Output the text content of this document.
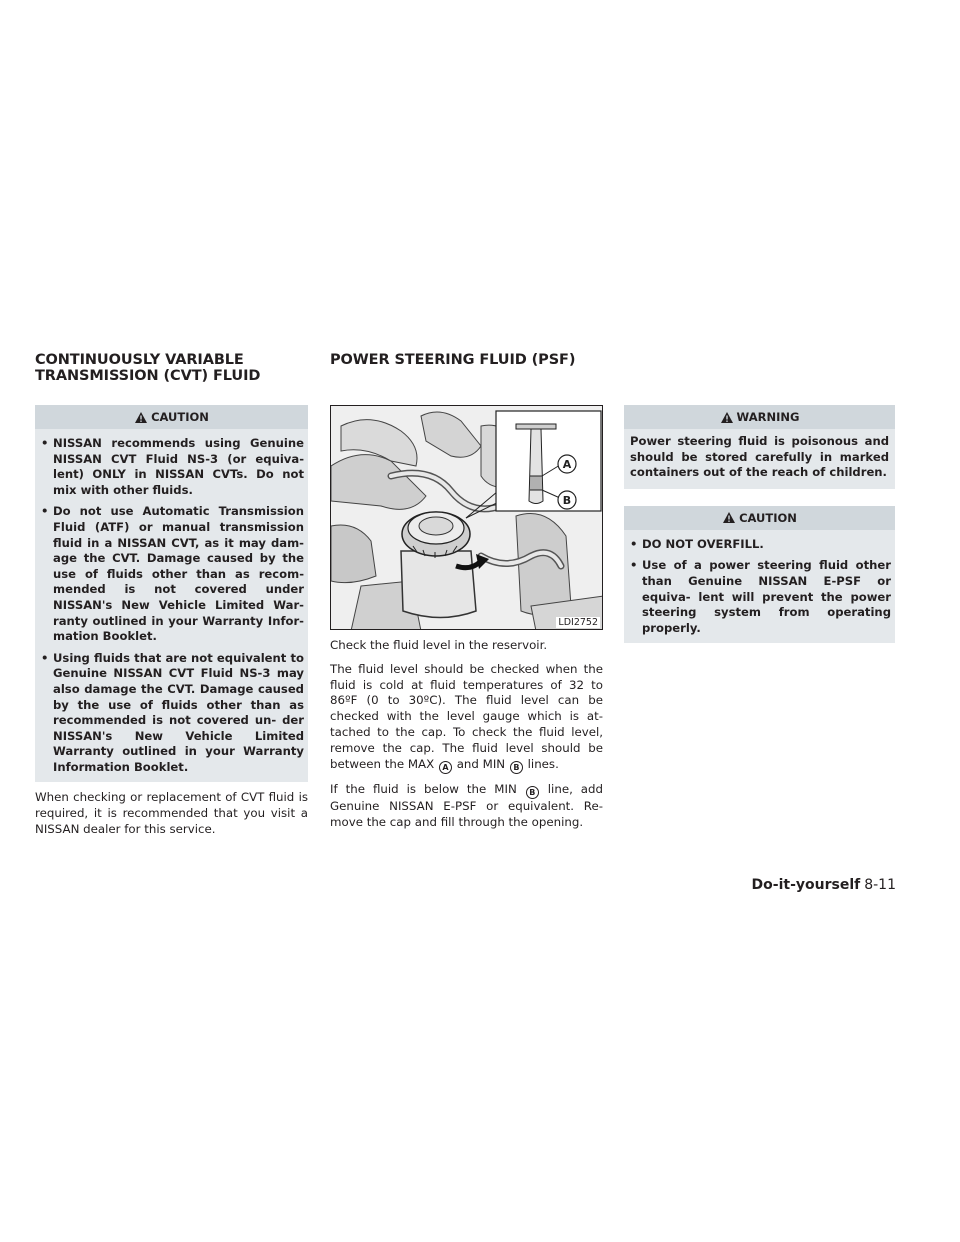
CONTINUOUSLY VARIABLE
TRANSMISSION (CVT) FLUID
POWER STEERING FLUID (PSF)
CAUTION
• NISSAN recommends using Genuine NISSAN CVT Fluid NS-3 (or equiva- lent) ONLY in NISSAN CVTs. Do not mix with other fluids.
• Do not use Automatic Transmission Fluid (ATF) or manual transmission fluid in a NISSAN CVT, as it may dam- age the CVT. Damage caused by the use of fluids other than as recom- mended is not covered under NISSAN's New Vehicle Limited War- ranty outlined in your Warranty Infor- mation Booklet.
• Using fluids that are not equivalent to Genuine NISSAN CVT Fluid NS-3 may also damage the CVT. Damage caused by the use of fluids other than as recommended is not covered un- der NISSAN's New Vehicle Limited Warranty outlined in your Warranty Information Booklet.

When checking or replacement of CVT fluid is required, it is recommended that you visit a NISSAN dealer for this service.

A
B
LDI2752

Check the fluid level in the reservoir.

The fluid level should be checked when the fluid is cold at fluid temperatures of 32 to 86ºF (0 to 30ºC). The fluid level can be checked with the level gauge which is at- tached to the cap. To check the fluid level, remove the cap. The fluid level should be between the MAX A and MIN B lines.

If the fluid is below the MIN B line, add Genuine NISSAN E-PSF or equivalent. Re- move the cap and fill through the opening.

WARNING

Power steering fluid is poisonous and should be stored carefully in marked containers out of the reach of children.

CAUTION
• DO NOT OVERFILL.
• Use of a power steering fluid other than Genuine NISSAN E-PSF or equiva- lent will prevent the power steering system from operating properly.
Do-it-yourself 8-11
